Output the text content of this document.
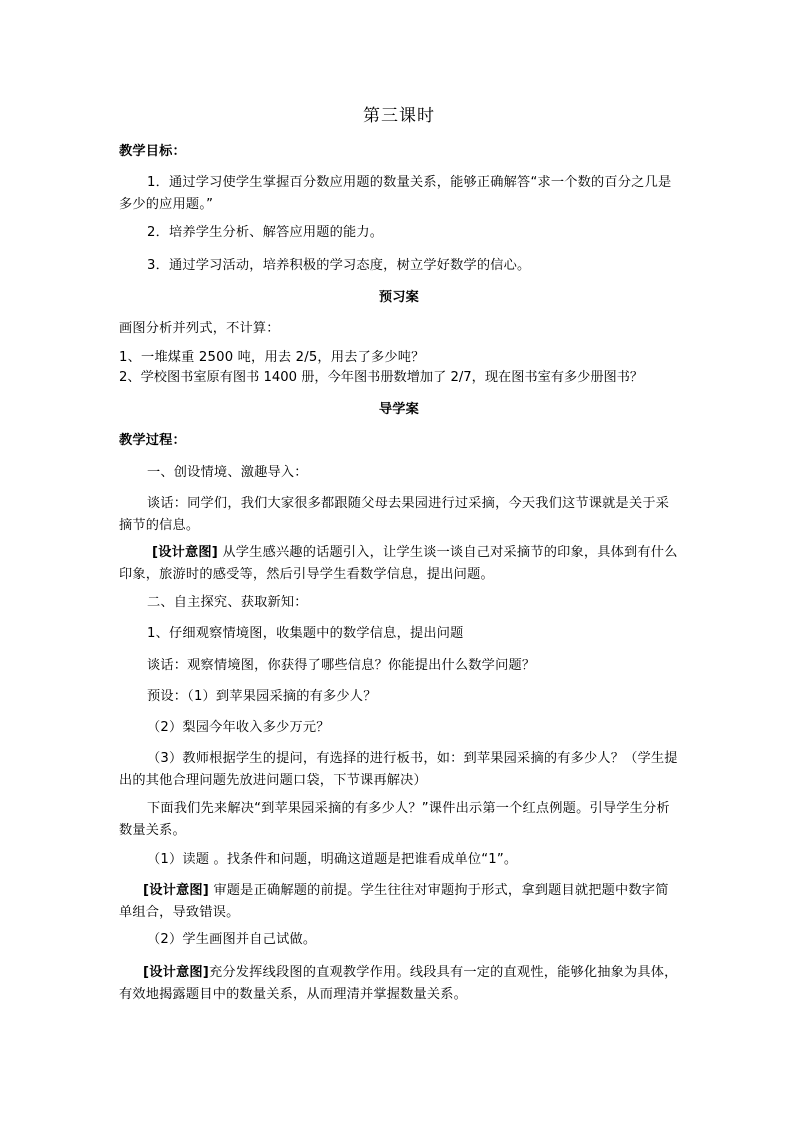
第三课时
教学目标：
1．通过学习使学生掌握百分数应用题的数量关系，能够正确解答“求一个数的百分之几是多少的应用题。”
2．培养学生分析、解答应用题的能力。
3．通过学习活动，培养积极的学习态度，树立学好数学的信心。
预习案
画图分析并列式，不计算：
1、一堆煤重 2500 吨，用去 2/5，用去了多少吨？
2、学校图书室原有图书 1400 册，今年图书册数增加了 2/7，现在图书室有多少册图书？
导学案
教学过程：
一、创设情境、激趣导入：
谈话：同学们，我们大家很多都跟随父母去果园进行过采摘，今天我们这节课就是关于采摘节的信息。
[设计意图] 从学生感兴趣的话题引入，让学生谈一谈自己对采摘节的印象，具体到有什么印象，旅游时的感受等，然后引导学生看数学信息，提出问题。
二、自主探究、获取新知：
1、仔细观察情境图，收集题中的数学信息，提出问题
谈话：观察情境图，你获得了哪些信息？你能提出什么数学问题？
预设：（1）到苹果园采摘的有多少人？
（2）梨园今年收入多少万元？
（3）教师根据学生的提问，有选择的进行板书，如：到苹果园采摘的有多少人？（学生提出的其他合理问题先放进问题口袋，下节课再解决）
下面我们先来解决“到苹果园采摘的有多少人？”课件出示第一个红点例题。引导学生分析数量关系。
（1）读题 。找条件和问题，明确这道题是把谁看成单位“1”。
[设计意图] 审题是正确解题的前提。学生往往对审题拘于形式，拿到题目就把题中数字简单组合，导致错误。
（2）学生画图并自己试做。
[设计意图]充分发挥线段图的直观教学作用。线段具有一定的直观性，能够化抽象为具体，有效地揭露题目中的数量关系，从而理清并掌握数量关系。
